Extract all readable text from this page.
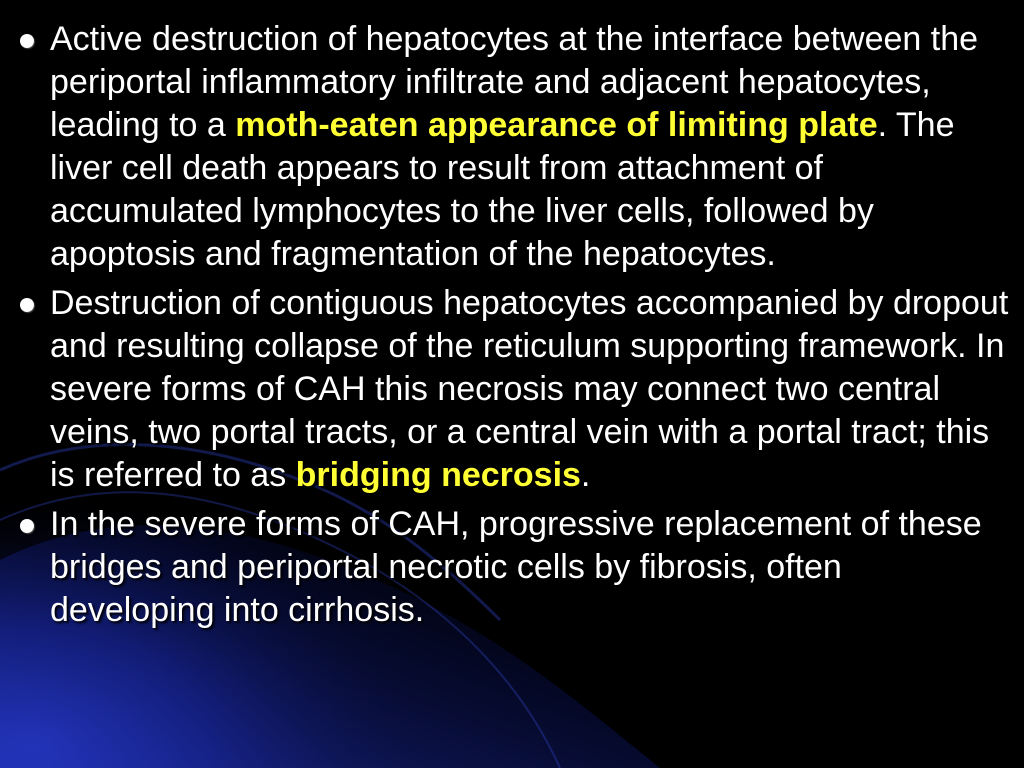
Active destruction of hepatocytes at the interface between the periportal inflammatory infiltrate and adjacent hepatocytes, leading to a moth-eaten appearance of limiting plate. The liver cell death appears to result from attachment of accumulated lymphocytes to the liver cells, followed by apoptosis and fragmentation of the hepatocytes.
Destruction of contiguous hepatocytes accompanied by dropout and resulting collapse of the reticulum supporting framework. In severe forms of CAH this necrosis may connect two central veins, two portal tracts, or a central vein with a portal tract; this is referred to as bridging necrosis.
In the severe forms of CAH, progressive replacement of these bridges and periportal necrotic cells by fibrosis, often developing into cirrhosis.
